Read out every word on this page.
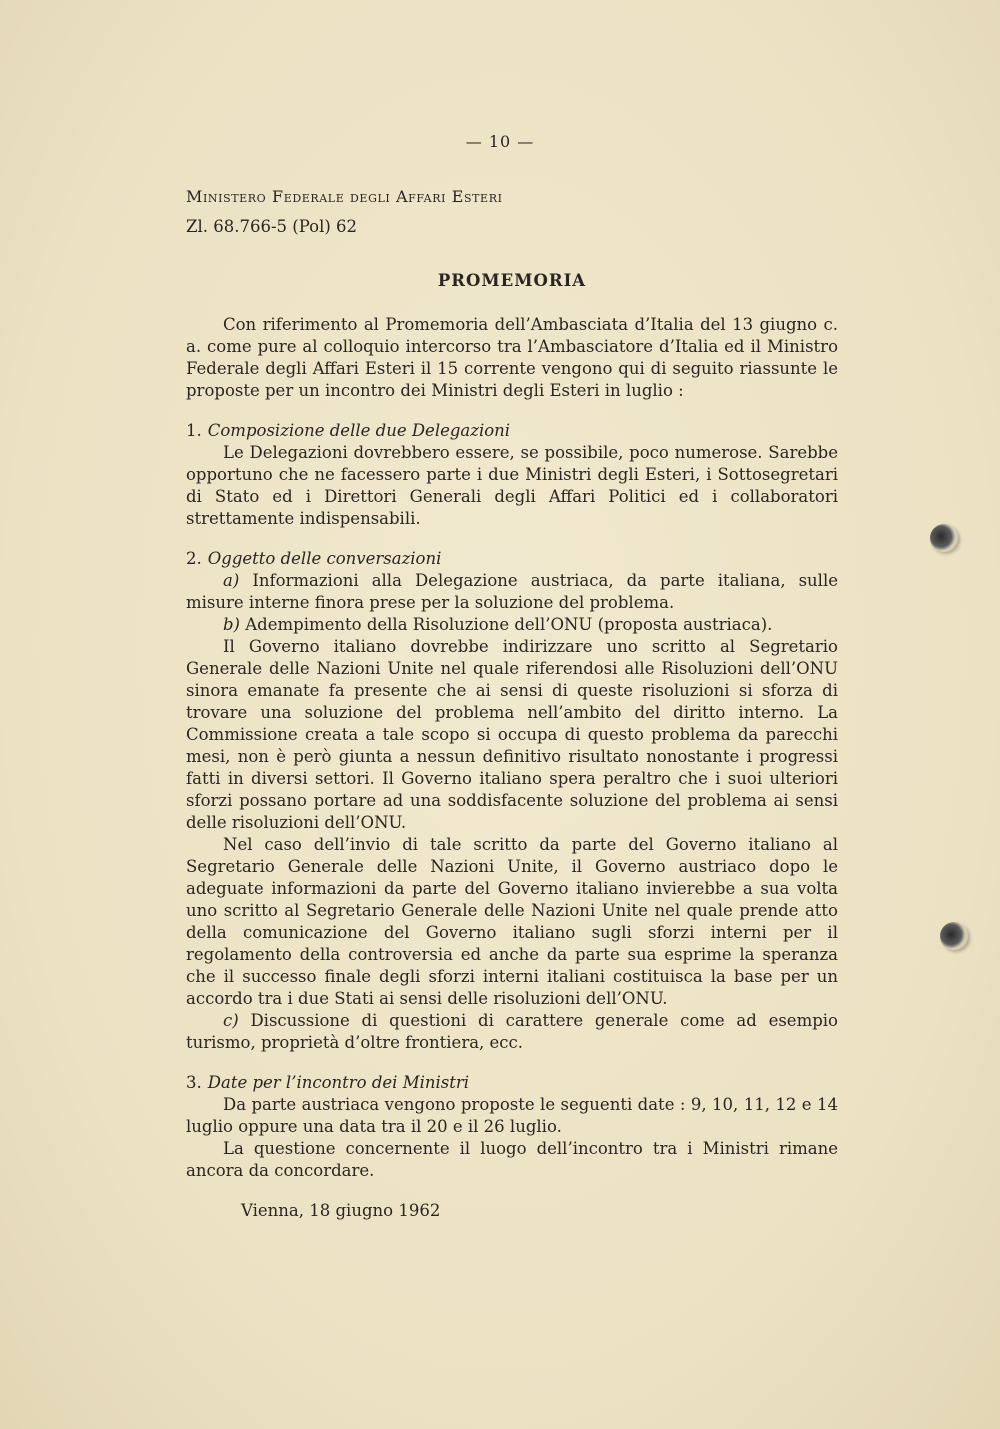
— 10 —

Ministero Federale degli Affari Esteri

Zl. 68.766-5 (Pol) 62

PROMEMORIA

Con riferimento al Promemoria dell’Ambasciata d’Italia del 13 giugno c. a. come pure al colloquio intercorso tra l’Ambasciatore d’Italia ed il Ministro Federale degli Affari Esteri il 15 corrente vengono qui di seguito riassunte le proposte per un incontro dei Ministri degli Esteri in luglio :

1. Composizione delle due Delegazioni

Le Delegazioni dovrebbero essere, se possibile, poco numerose. Sarebbe opportuno che ne facessero parte i due Ministri degli Esteri, i Sottosegretari di Stato ed i Direttori Generali degli Affari Politici ed i collaboratori strettamente indispensabili.

2. Oggetto delle conversazioni

a) Informazioni alla Delegazione austriaca, da parte italiana, sulle misure interne finora prese per la soluzione del problema.

b) Adempimento della Risoluzione dell’ONU (proposta austriaca).

Il Governo italiano dovrebbe indirizzare uno scritto al Segretario Generale delle Nazioni Unite nel quale riferendosi alle Risoluzioni dell’ONU sinora emanate fa presente che ai sensi di queste risoluzioni si sforza di trovare una soluzione del problema nell’ambito del diritto interno. La Commissione creata a tale scopo si occupa di questo problema da parecchi mesi, non è però giunta a nessun definitivo risultato nonostante i progressi fatti in diversi settori. Il Governo italiano spera peraltro che i suoi ulteriori sforzi possano portare ad una soddisfacente soluzione del problema ai sensi delle risoluzioni dell’ONU.

Nel caso dell’invio di tale scritto da parte del Governo italiano al Segretario Generale delle Nazioni Unite, il Governo austriaco dopo le adeguate informazioni da parte del Governo italiano invierebbe a sua volta uno scritto al Segretario Generale delle Nazioni Unite nel quale prende atto della comunicazione del Governo italiano sugli sforzi interni per il regolamento della controversia ed anche da parte sua esprime la speranza che il successo finale degli sforzi interni italiani costituisca la base per un accordo tra i due Stati ai sensi delle risoluzioni dell’ONU.

c) Discussione di questioni di carattere generale come ad esempio turismo, proprietà d’oltre frontiera, ecc.

3. Date per l’incontro dei Ministri

Da parte austriaca vengono proposte le seguenti date : 9, 10, 11, 12 e 14 luglio oppure una data tra il 20 e il 26 luglio.

La questione concernente il luogo dell’incontro tra i Ministri rimane ancora da concordare.

Vienna, 18 giugno 1962
